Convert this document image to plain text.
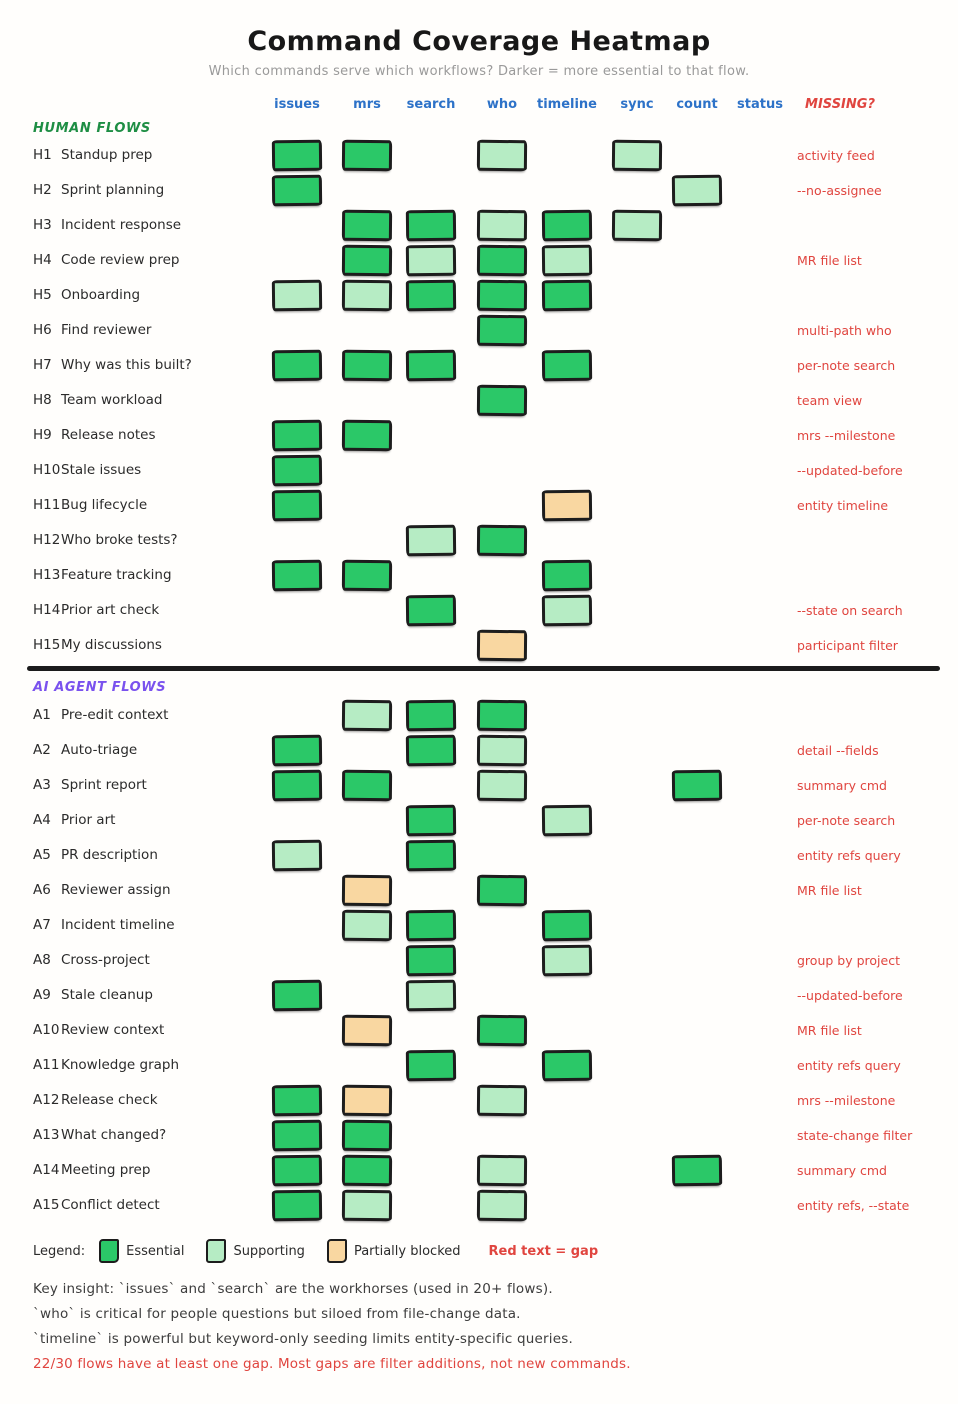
Command Coverage Heatmap
Which commands serve which workflows? Darker = more essential to that flow.
issues	mrs search who timeline sync count status MISSING?
HUMAN FLOWS
H1 Standup prep	activity feed
H2 Sprint planning	--no-assignee
H3 Incident response
H4 Code review prep	MR file list
H5 Onboarding
H6 Find reviewer	multi-path who
H7 Why was this built?	per-note search
H8 Team workload	team view
H9 Release notes	mrs --milestone
H10 Stale issues	--updated-before
H11 Bug lifecycle	entity timeline
H12 Who broke tests?
H13 Feature tracking
H14 Prior art check	--state on search
H15 My discussions	participant filter
AI AGENT FLOWS
A1 Pre-edit context
A2 Auto-triage	detail --fields
A3 Sprint report	summary cmd
A4 Prior art	per-note search
A5 PR description	entity refs query
A6 Reviewer assign	MR file list
A7 Incident timeline
A8 Cross-project	group by project
A9 Stale cleanup	--updated-before
A10 Review context	MR file list
A11 Knowledge graph	entity refs query
A12 Release check	mrs --milestone
A13 What changed?	state-change filter
A14 Meeting prep	summary cmd
A15 Conflict detect	entity refs, --state
Legend:	Essential	Supporting	Partially blocked Red text = gap
Key insight: `issues` and `search` are the workhorses (used in 20+ flows).
`who` is critical for people questions but siloed from file-change data.
`timeline` is powerful but keyword-only seeding limits entity-specific queries.
22/30 flows have at least one gap. Most gaps are filter additions, not new commands.
